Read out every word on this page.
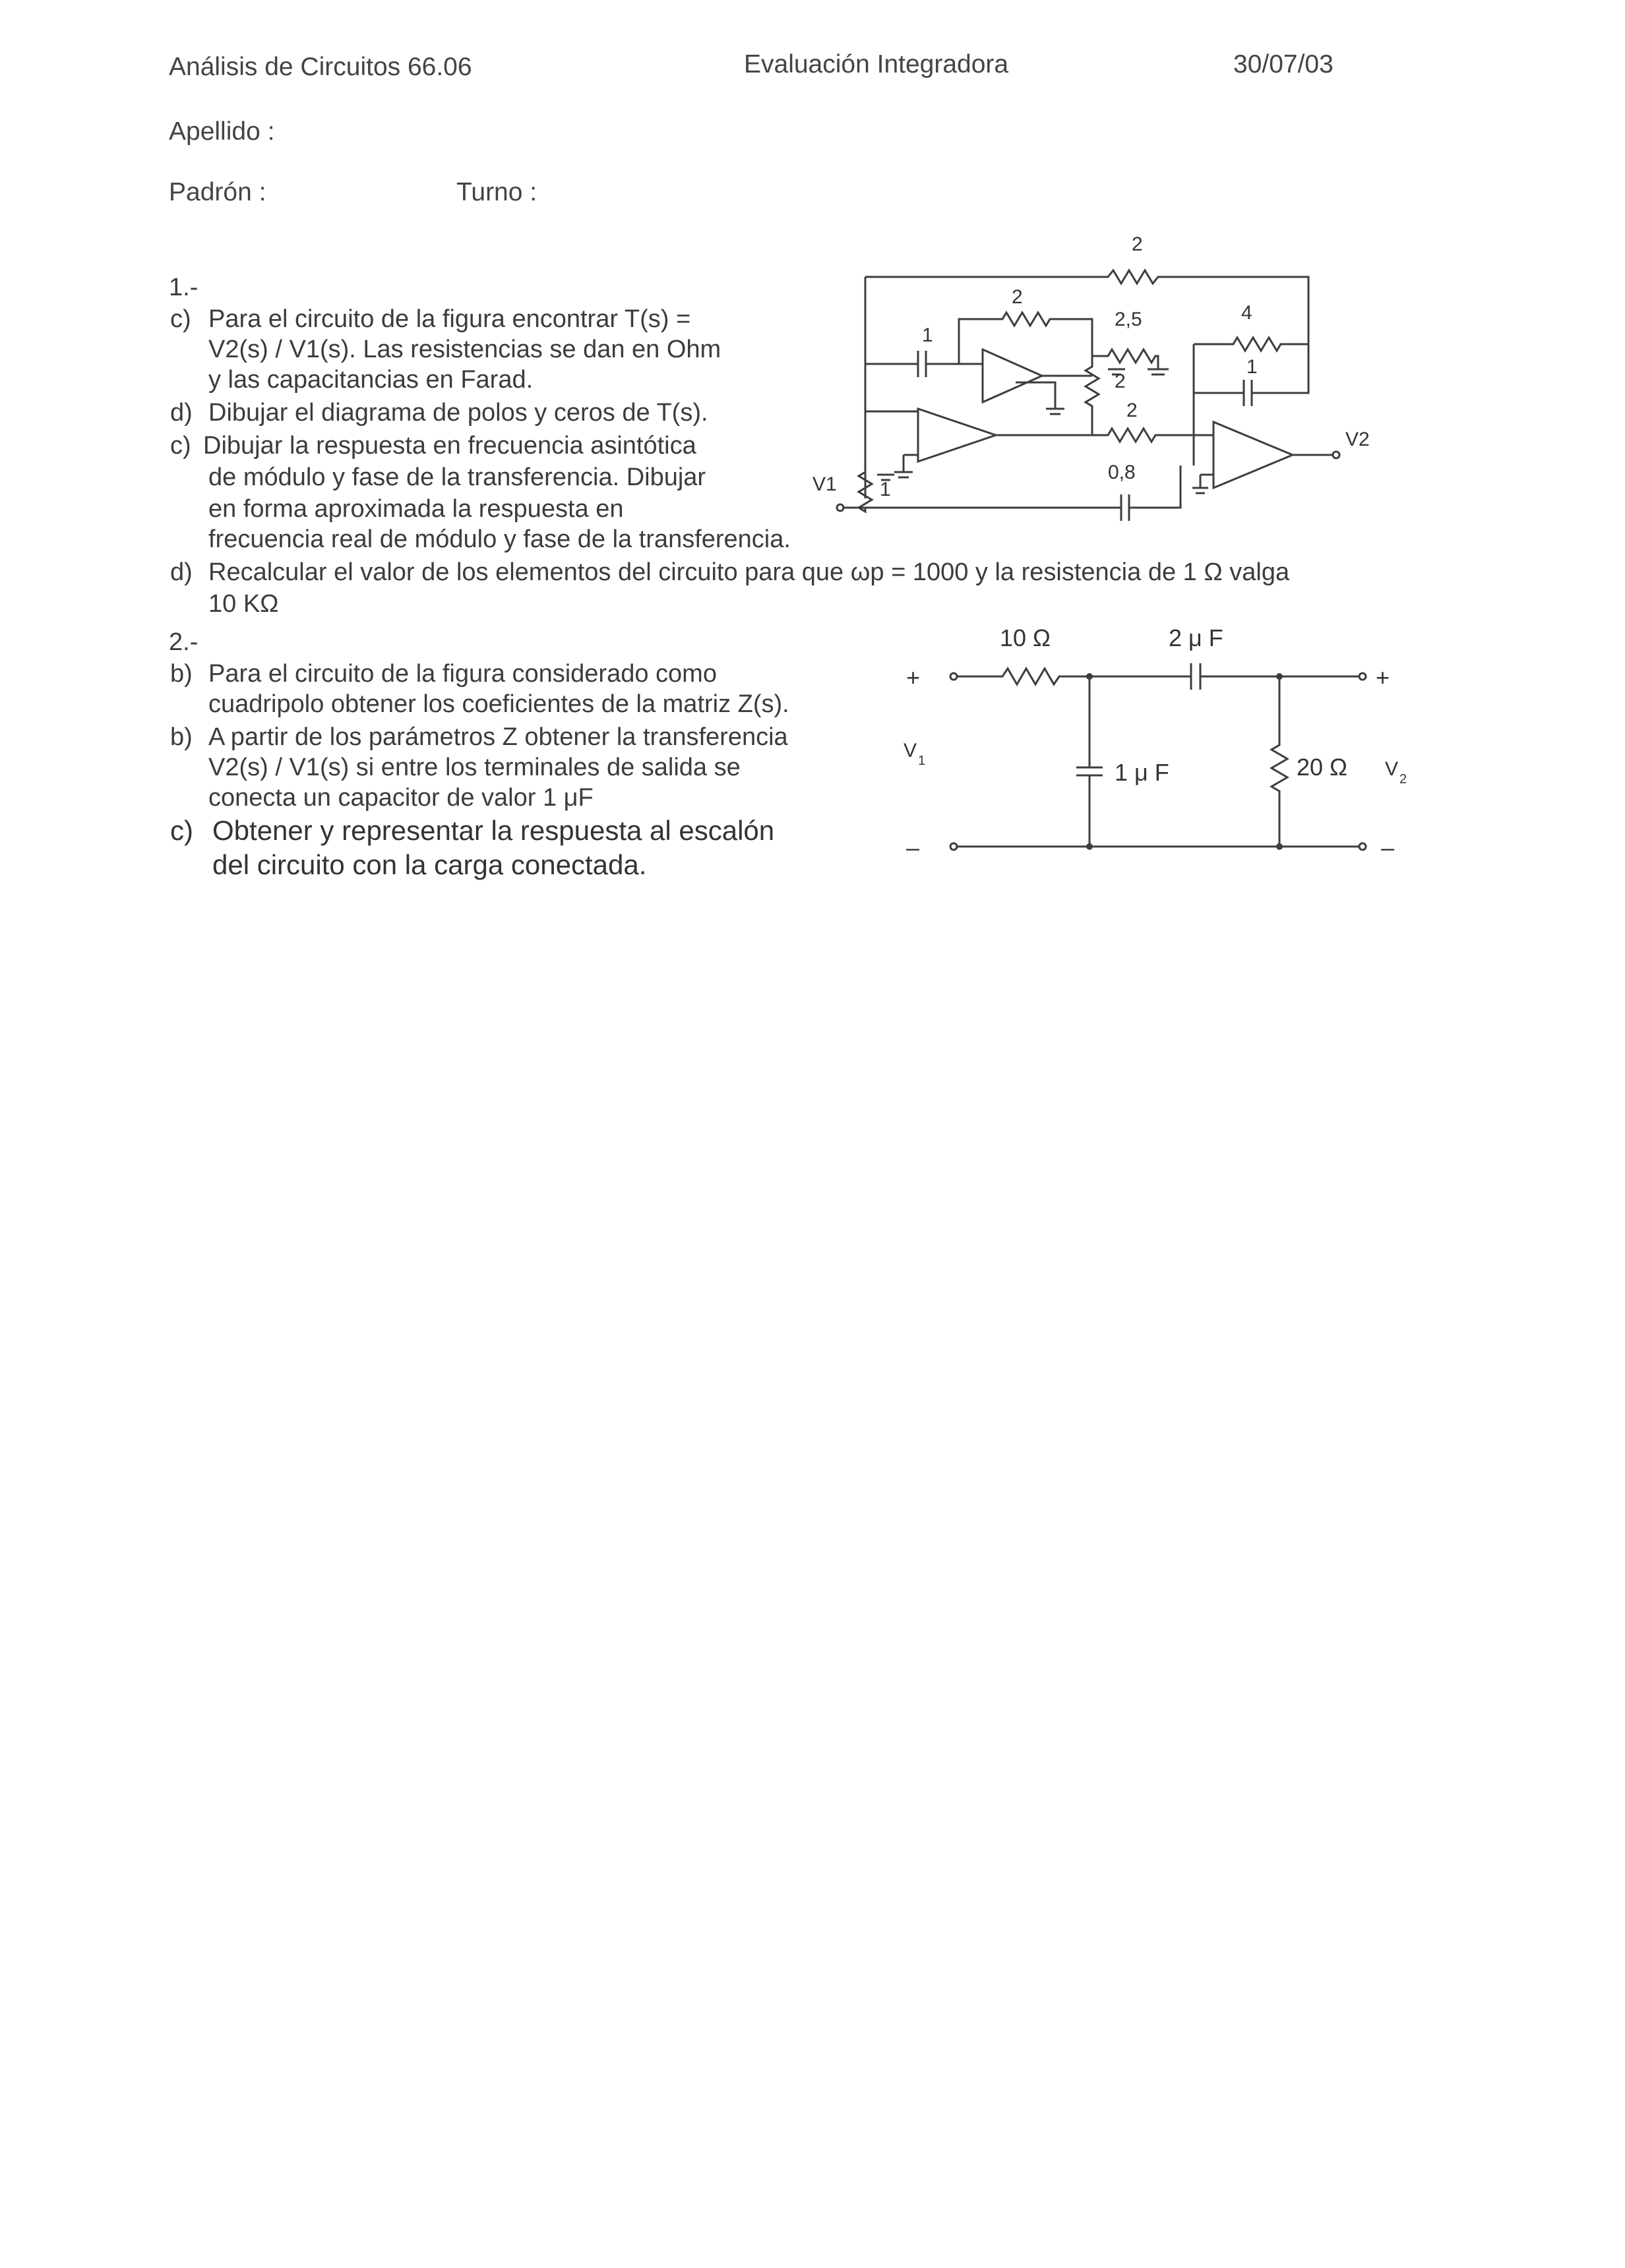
Análisis de Circuitos 66.06	Evaluación Integradora	30/07/03
Apellido :
Padrón :	Turno :
1.-
c) Para el circuito de la figura encontrar T(s) =
V2(s) / V1(s). Las resistencias se dan en Ohm
y las capacitancias en Farad.
d) Dibujar el diagrama de polos y ceros de T(s).
c) Dibujar la respuesta en frecuencia asintótica
de módulo y fase de la transferencia. Dibujar
en forma aproximada la respuesta en
frecuencia real de módulo y fase de la transferencia.
d) Recalcular el valor de los elementos del circuito para que ωp = 1000 y la resistencia de 1 Ω valga
10 KΩ
2.-
b) Para el circuito de la figura considerado como
cuadripolo obtener los coeficientes de la matriz Z(s).
b) A partir de los parámetros Z obtener la transferencia
V2(s) / V1(s) si entre los terminales de salida se
conecta un capacitor de valor 1 μF
c) Obtener y representar la respuesta al escalón
del circuito con la carga conectada.
2
2
1
2,5	4
1
2
2
0,8
1
V1
V2
10 Ω	2 μ F
1 μ F	20 Ω
+	+
–	–
V 1	V 2
